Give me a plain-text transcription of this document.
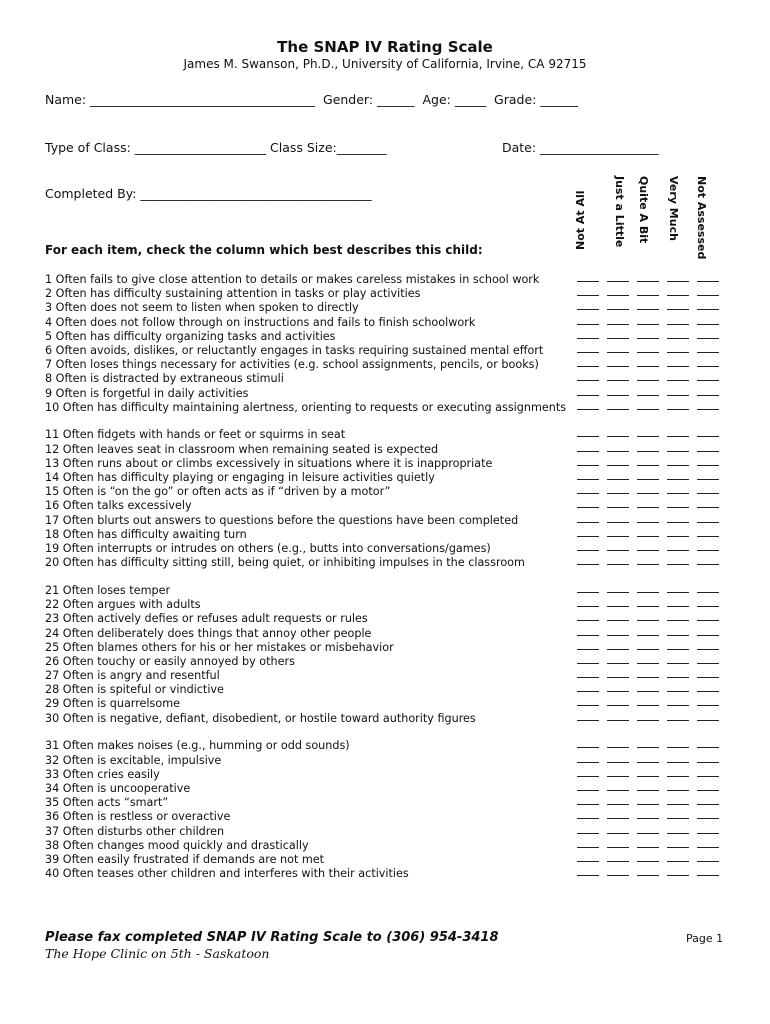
The SNAP IV Rating Scale
James M. Swanson, Ph.D., University of California, Irvine, CA 92715
Name: ____________________________________  Gender: ______  Age: _____  Grade: ______
Type of Class: _____________________ Class Size:________	Date: ___________________
Completed By: _____________________________________	Not At All Just a Little Quite A Bit Very Much Not Assessed
For each item, check the column which best describes this child:
1 Often fails to give close attention to details or makes careless mistakes in school work
2 Often has difficulty sustaining attention in tasks or play activities
3 Often does not seem to listen when spoken to directly
4 Often does not follow through on instructions and fails to finish schoolwork
5 Often has difficulty organizing tasks and activities
6 Often avoids, dislikes, or reluctantly engages in tasks requiring sustained mental effort
7 Often loses things necessary for activities (e.g. school assignments, pencils, or books)
8 Often is distracted by extraneous stimuli
9 Often is forgetful in daily activities
10 Often has difficulty maintaining alertness, orienting to requests or executing assignments
11 Often fidgets with hands or feet or squirms in seat
12 Often leaves seat in classroom when remaining seated is expected
13 Often runs about or climbs excessively in situations where it is inappropriate
14 Often has difficulty playing or engaging in leisure activities quietly
15 Often is “on the go” or often acts as if “driven by a motor”
16 Often talks excessively
17 Often blurts out answers to questions before the questions have been completed
18 Often has difficulty awaiting turn
19 Often interrupts or intrudes on others (e.g., butts into conversations/games)
20 Often has difficulty sitting still, being quiet, or inhibiting impulses in the classroom
21 Often loses temper
22 Often argues with adults
23 Often actively defies or refuses adult requests or rules
24 Often deliberately does things that annoy other people
25 Often blames others for his or her mistakes or misbehavior
26 Often touchy or easily annoyed by others
27 Often is angry and resentful
28 Often is spiteful or vindictive
29 Often is quarrelsome
30 Often is negative, defiant, disobedient, or hostile toward authority figures
31 Often makes noises (e.g., humming or odd sounds)
32 Often is excitable, impulsive
33 Often cries easily
34 Often is uncooperative
35 Often acts “smart”
36 Often is restless or overactive
37 Often disturbs other children
38 Often changes mood quickly and drastically
39 Often easily frustrated if demands are not met
40 Often teases other children and interferes with their activities
Please fax completed SNAP IV Rating Scale to (306) 954-3418
The Hope Clinic on 5th - Saskatoon
Page 1
